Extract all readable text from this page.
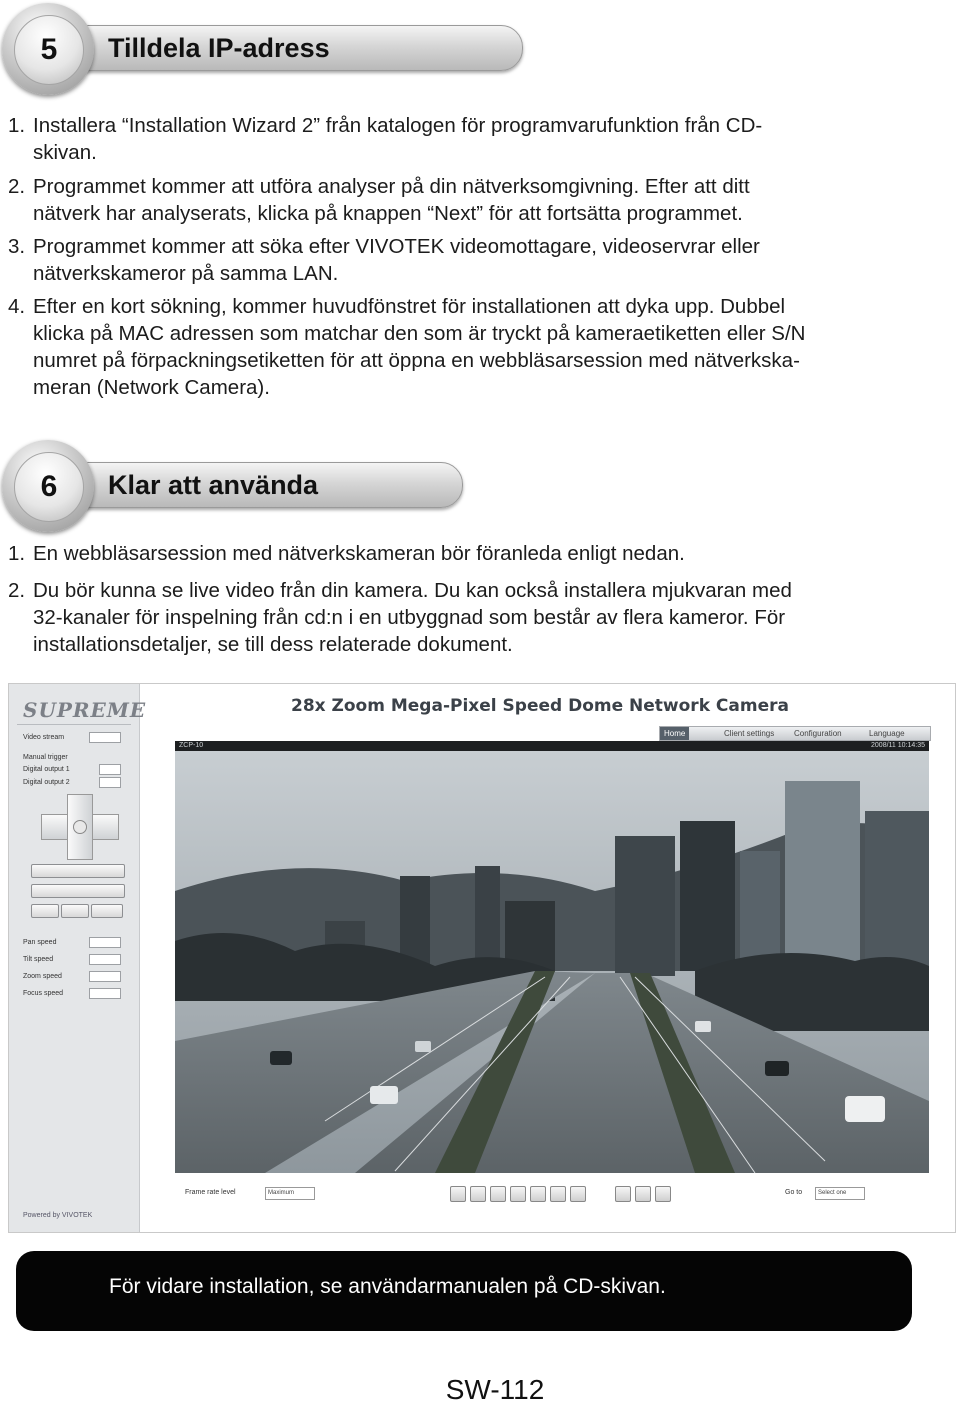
5	Tilldela IP-adress
1. Installera “Installation Wizard 2” från katalogen för programvarufunktion från CD-
skivan.
2. Programmet kommer att utföra analyser på din nätverksomgivning. Efter att ditt
nätverk har analyserats, klicka på knappen “Next” för att fortsätta programmet.
3. Programmet kommer att söka efter VIVOTEK videomottagare, videoservrar eller
nätverkskameror på samma LAN.
4. Efter en kort sökning, kommer huvudfönstret för installationen att dyka upp. Dubbel
klicka på MAC adressen som matchar den som är tryckt på kameraetiketten eller S/N
numret på förpackningsetiketten för att öppna en webbläsarsession med nätverkska-
meran (Network Camera).
6	Klar att använda
1. En webbläsarsession med nätverkskameran bör föranleda enligt nedan.
2. Du bör kunna se live video från din kamera. Du kan också installera mjukvaran med
32-kanaler för inspelning från cd:n i en utbyggnad som består av flera kameror. För
installationsdetaljer, se till dess relaterade dokument.
SUPREME
Video stream
Manual trigger
Digital output 1
Digital output 2
Pan speed
Tilt speed
Zoom speed
Focus speed
Powered by VIVOTEK
28x Zoom Mega-Pixel Speed Dome Network Camera
Home	Client settings	Configuration	Language
ZCP-10	2008/11 10:14:35
Frame rate level	Maximum	Go to	Select one
För vidare installation, se användarmanualen på CD-skivan.
SW-112
